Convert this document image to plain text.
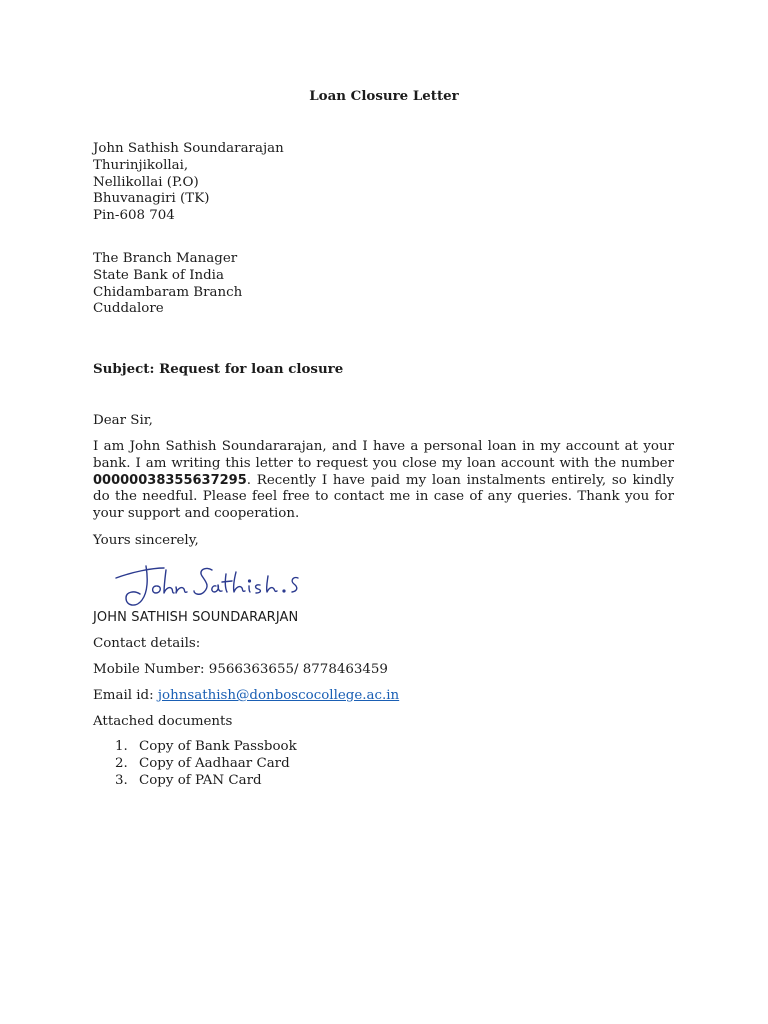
Loan Closure Letter
John Sathish Soundararajan
Thurinjikollai,
Nellikollai (P.O)
Bhuvanagiri (TK)
Pin-608 704
The Branch Manager
State Bank of India
Chidambaram Branch
Cuddalore
Subject: Request for loan closure
Dear Sir,
I am John Sathish Soundararajan, and I have a personal loan in my account at your bank. I am writing this letter to request you close my loan account with the number 00000038355637295. Recently I have paid my loan instalments entirely, so kindly do the needful. Please feel free to contact me in case of any queries. Thank you for your support and cooperation.
Yours sincerely,
JOHN SATHISH SOUNDARARJAN
Contact details:
Mobile Number: 9566363655/ 8778463459
Email id: johnsathish@donboscocollege.ac.in
Attached documents
1. Copy of Bank Passbook
2. Copy of Aadhaar Card
3. Copy of PAN Card
